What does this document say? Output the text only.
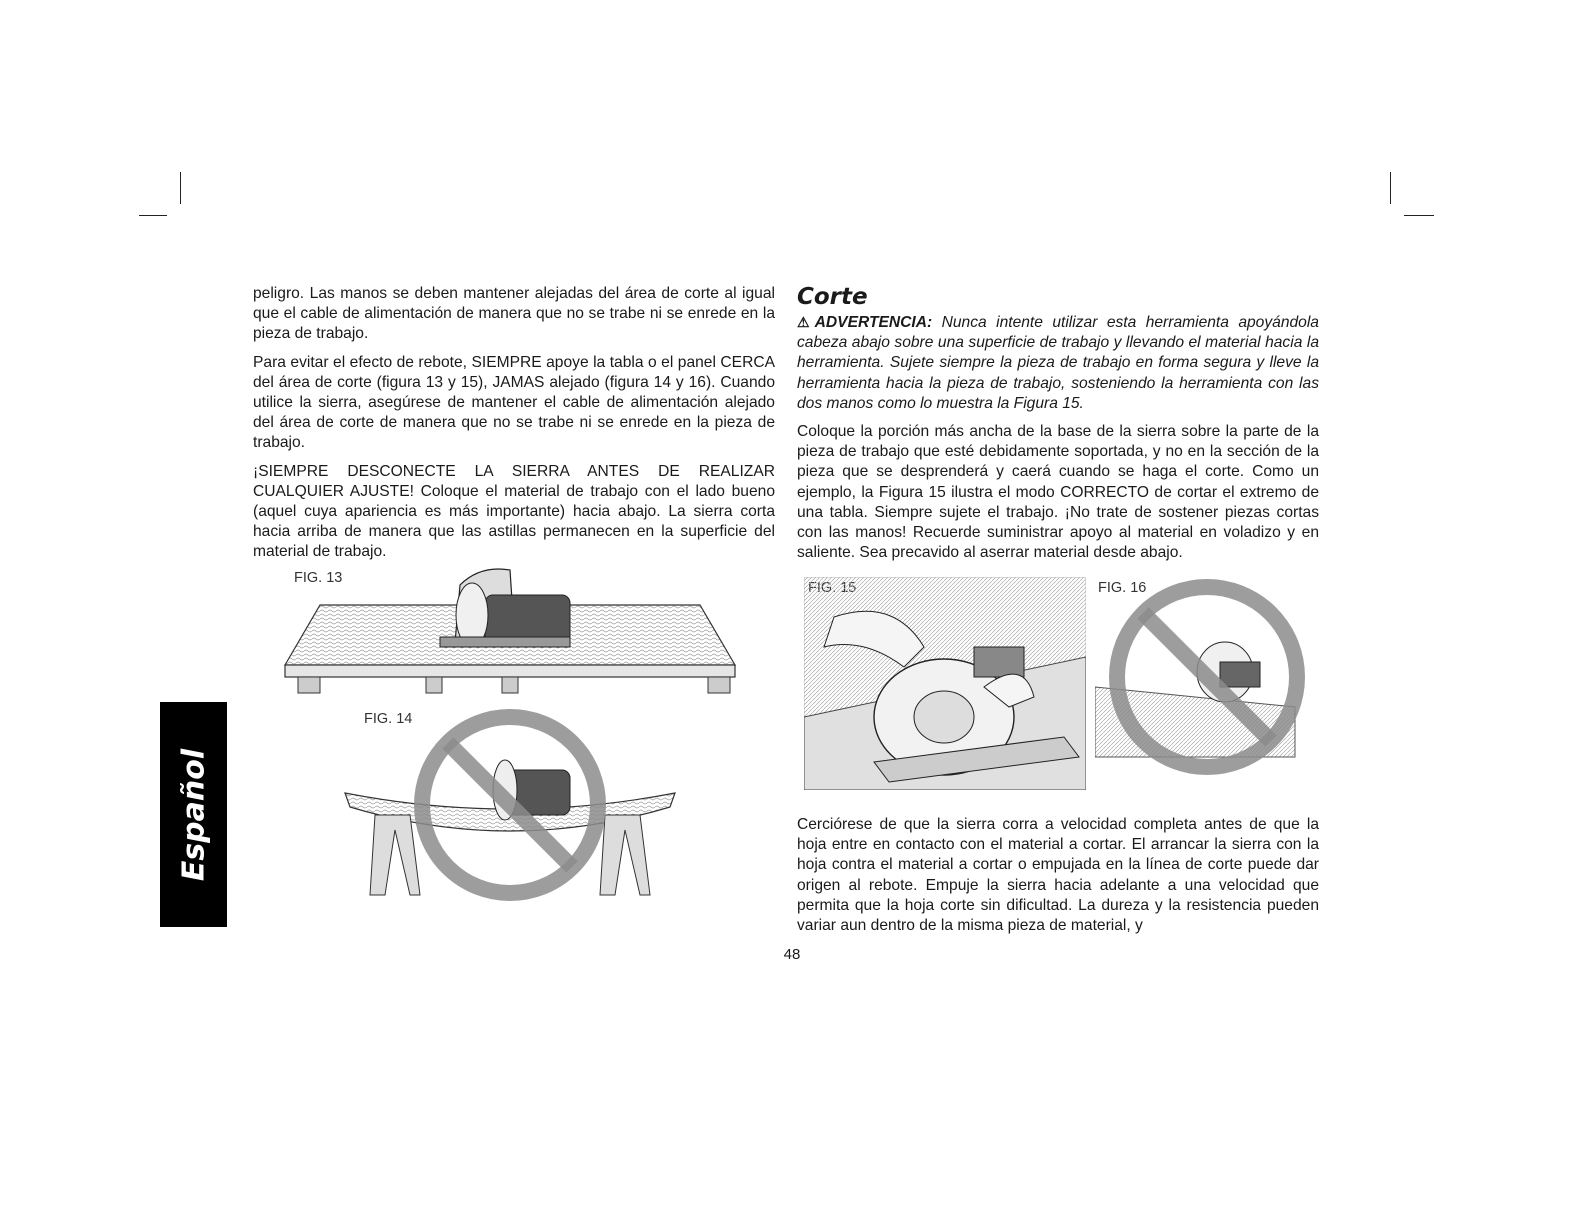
peligro. Las manos se deben mantener alejadas del área de corte al igual que el cable de alimentación de manera que no se trabe ni se enrede en la pieza de trabajo.

Para evitar el efecto de rebote, SIEMPRE apoye la tabla o el panel CERCA del área de corte (figura 13 y 15), JAMAS alejado (figura 14 y 16). Cuando utilice la sierra, asegúrese de mantener el cable de alimentación alejado del área de corte de manera que no se trabe ni se enrede en la pieza de trabajo.

¡SIEMPRE DESCONECTE LA SIERRA ANTES DE REALIZAR CUALQUIER AJUSTE! Coloque el material de trabajo con el lado bueno (aquel cuya apariencia es más importante) hacia abajo. La sierra corta hacia arriba de manera que las astillas permanecen en la superficie del material de trabajo.

Corte

⚠ADVERTENCIA: Nunca intente utilizar esta herramienta apoyándola cabeza abajo sobre una superficie de trabajo y llevando el material hacia la herramienta. Sujete siempre la pieza de trabajo en forma segura y lleve la herramienta hacia la pieza de trabajo, sosteniendo la herramienta con las dos manos como lo muestra la Figura 15.

Coloque la porción más ancha de la base de la sierra sobre la parte de la pieza de trabajo que esté debidamente soportada, y no en la sección de la pieza que se desprenderá y caerá cuando se haga el corte. Como un ejemplo, la Figura 15 ilustra el modo CORRECTO de cortar el extremo de una tabla. Siempre sujete el trabajo. ¡No trate de sostener piezas cortas con las manos! Recuerde suministrar apoyo al material en voladizo y en saliente. Sea precavido al aserrar material desde abajo.

Cerciórese de que la sierra corra a velocidad completa antes de que la hoja entre en contacto con el material a cortar. El arrancar la sierra con la hoja contra el material a cortar o empujada en la línea de corte puede dar origen al rebote. Empuje la sierra hacia adelante a una velocidad que permita que la hoja corte sin dificultad. La dureza y la resistencia pueden variar aun dentro de la misma pieza de material, y

FIG. 13
FIG. 14
FIG. 16
Español
48
